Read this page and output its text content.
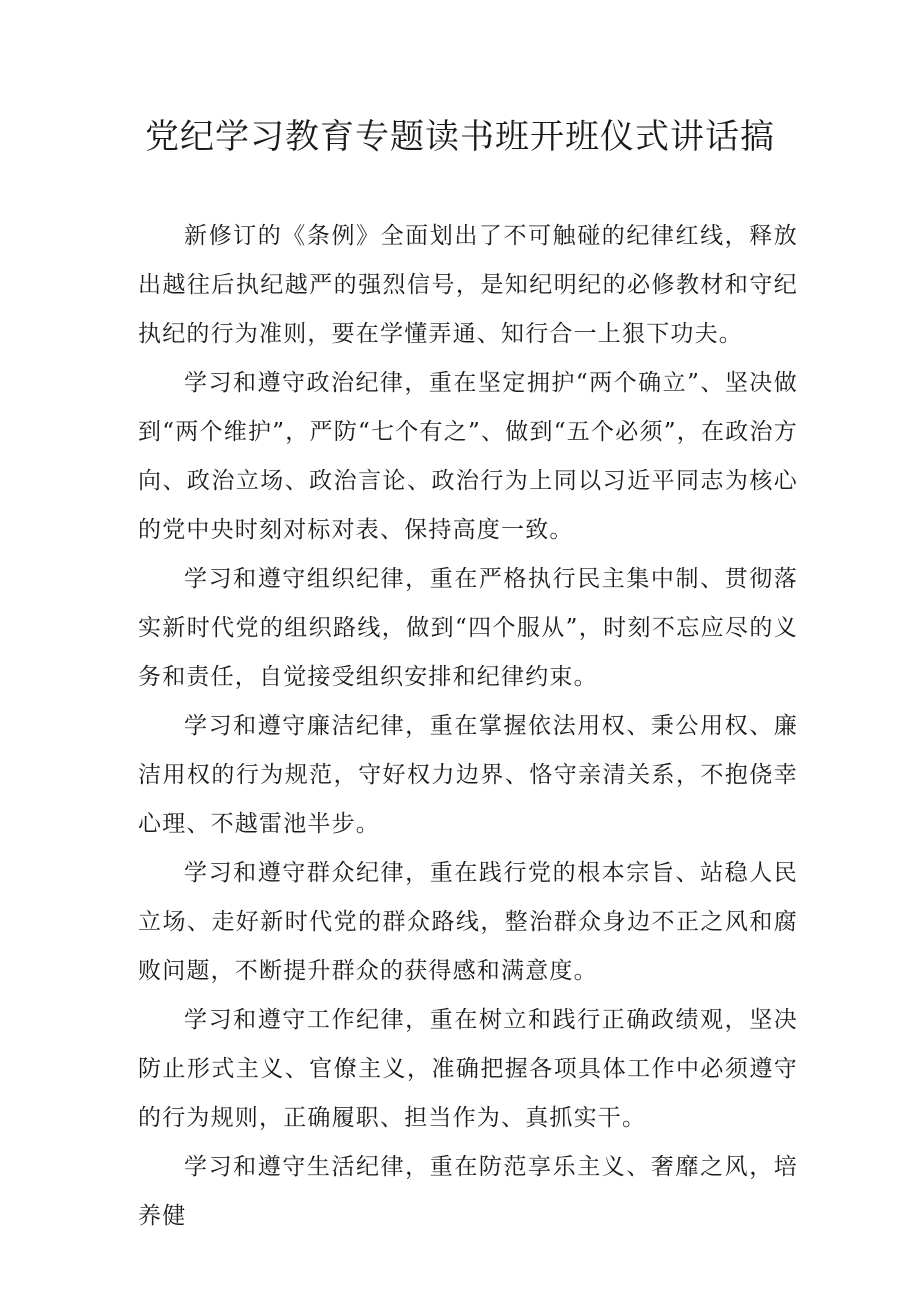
党纪学习教育专题读书班开班仪式讲话搞

新修订的《条例》全面划出了不可触碰的纪律红线，释放出越往后执纪越严的强烈信号，是知纪明纪的必修教材和守纪执纪的行为准则，要在学懂弄通、知行合一上狠下功夫。

学习和遵守政治纪律，重在坚定拥护“两个确立”、坚决做到“两个维护”，严防“七个有之”、做到“五个必须”，在政治方向、政治立场、政治言论、政治行为上同以习近平同志为核心的党中央时刻对标对表、保持高度一致。

学习和遵守组织纪律，重在严格执行民主集中制、贯彻落实新时代党的组织路线，做到“四个服从”，时刻不忘应尽的义务和责任，自觉接受组织安排和纪律约束。

学习和遵守廉洁纪律，重在掌握依法用权、秉公用权、廉洁用权的行为规范，守好权力边界、恪守亲清关系，不抱侥幸心理、不越雷池半步。

学习和遵守群众纪律，重在践行党的根本宗旨、站稳人民立场、走好新时代党的群众路线，整治群众身边不正之风和腐败问题，不断提升群众的获得感和满意度。

学习和遵守工作纪律，重在树立和践行正确政绩观，坚决防止形式主义、官僚主义，准确把握各项具体工作中必须遵守的行为规则，正确履职、担当作为、真抓实干。

学习和遵守生活纪律，重在防范享乐主义、奢靡之风，培养健
